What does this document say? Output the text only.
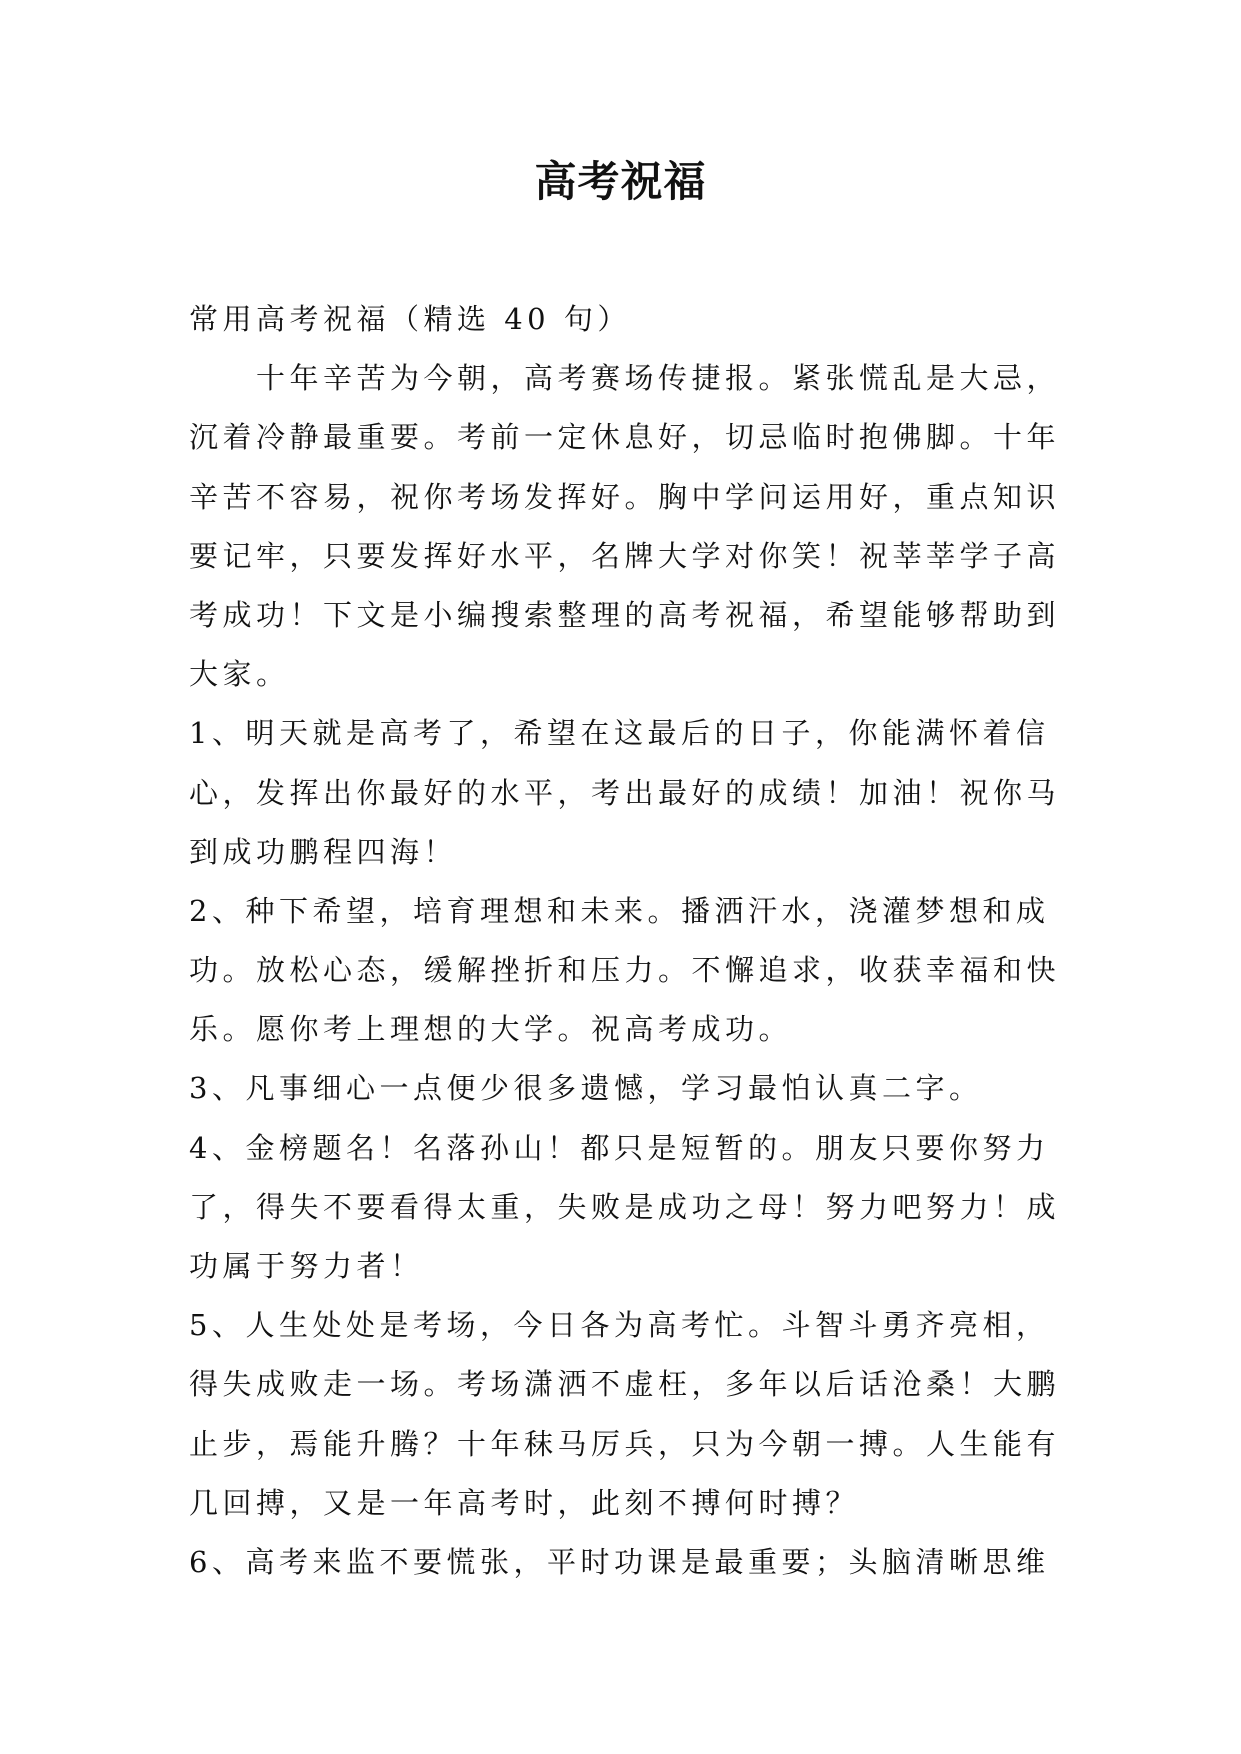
高考祝福
常用高考祝福（精选 40 句）
　　十年辛苦为今朝，高考赛场传捷报。紧张慌乱是大忌，
沉着冷静最重要。考前一定休息好，切忌临时抱佛脚。十年
辛苦不容易，祝你考场发挥好。胸中学问运用好，重点知识
要记牢，只要发挥好水平，名牌大学对你笑！祝莘莘学子高
考成功！下文是小编搜索整理的高考祝福，希望能够帮助到
大家。
1、明天就是高考了，希望在这最后的日子，你能满怀着信
心，发挥出你最好的水平，考出最好的成绩！加油！祝你马
到成功鹏程四海！
2、种下希望，培育理想和未来。播洒汗水，浇灌梦想和成
功。放松心态，缓解挫折和压力。不懈追求，收获幸福和快
乐。愿你考上理想的大学。祝高考成功。
3、凡事细心一点便少很多遗憾，学习最怕认真二字。
4、金榜题名！名落孙山！都只是短暂的。朋友只要你努力
了，得失不要看得太重，失败是成功之母！努力吧努力！成
功属于努力者！
5、人生处处是考场，今日各为高考忙。斗智斗勇齐亮相，
得失成败走一场。考场潇洒不虚枉，多年以后话沧桑！大鹏
止步，焉能升腾？十年秣马厉兵，只为今朝一搏。人生能有
几回搏，又是一年高考时，此刻不搏何时搏？
6、高考来监不要慌张，平时功课是最重要；头脑清晰思维
